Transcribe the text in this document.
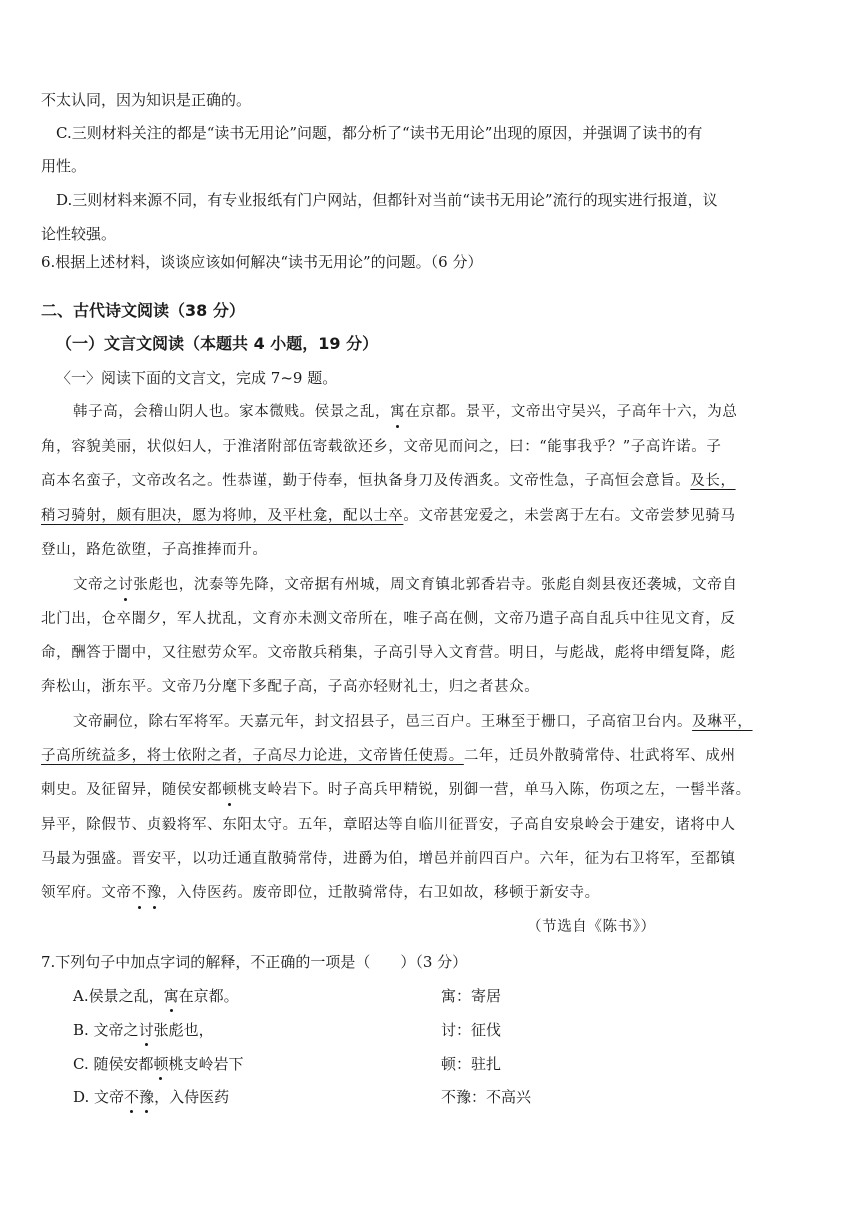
不太认同，因为知识是正确的。
C.三则材料关注的都是“读书无用论”问题，都分析了“读书无用论”出现的原因，并强调了读书的有
用性。
D.三则材料来源不同，有专业报纸有门户网站，但都针对当前“读书无用论”流行的现实进行报道，议
论性较强。
6.根据上述材料，谈谈应该如何解决“读书无用论”的问题。（6 分）
二、古代诗文阅读（38 分）
（一）文言文阅读（本题共 4 小题，19 分）
〈一〉阅读下面的文言文，完成 7~9 题。
韩子高，会稽山阴人也。家本微贱。侯景之乱，寓在京都。景平，文帝出守吴兴，子高年十六，为总
角，容貌美丽，状似妇人，于淮渚附部伍寄载欲还乡，文帝见而问之，曰：“能事我乎？”子高许诺。子
高本名蛮子，文帝改名之。性恭谨，勤于侍奉，恒执备身刀及传酒炙。文帝性急，子高恒会意旨。及长，
稍习骑射，颇有胆决，愿为将帅，及平杜龛，配以士卒。文帝甚宠爱之，未尝离于左右。文帝尝梦见骑马
登山，路危欲堕，子高推捧而升。
文帝之讨张彪也，沈泰等先降，文帝据有州城，周文育镇北郭香岩寺。张彪自剡县夜还袭城，文帝自
北门出，仓卒闇夕，军人扰乱，文育亦未测文帝所在，唯子高在侧，文帝乃遣子高自乱兵中往见文育，反
命，酬答于闇中，又往慰劳众军。文帝散兵稍集，子高引导入文育营。明日，与彪战，彪将申缙复降，彪
奔松山，浙东平。文帝乃分麾下多配子高，子高亦轻财礼士，归之者甚众。
文帝嗣位，除右军将军。天嘉元年，封文招县子，邑三百户。王琳至于栅口，子高宿卫台内。及琳平，
子高所统益多，将士依附之者，子高尽力论进，文帝皆任使焉。二年，迁员外散骑常侍、壮武将军、成州
刺史。及征留异，随侯安都顿桃支岭岩下。时子高兵甲精锐，别御一营，单马入陈，伤项之左，一髻半落。
异平，除假节、贞毅将军、东阳太守。五年，章昭达等自临川征晋安，子高自安泉岭会于建安，诸将中人
马最为强盛。晋安平，以功迁通直散骑常侍，进爵为伯，增邑并前四百户。六年，征为右卫将军，至都镇
领军府。文帝不豫，入侍医药。废帝即位，迁散骑常侍，右卫如故，移顿于新安寺。
（节选自《陈书》）
7.下列句子中加点字词的解释，不正确的一项是（　　）（3 分）
A.侯景之乱，寓在京都。	寓：寄居
B. 文帝之讨张彪也，	讨：征伐
C. 随侯安都顿桃支岭岩下	顿：驻扎
D. 文帝不豫，入侍医药	不豫：不高兴
